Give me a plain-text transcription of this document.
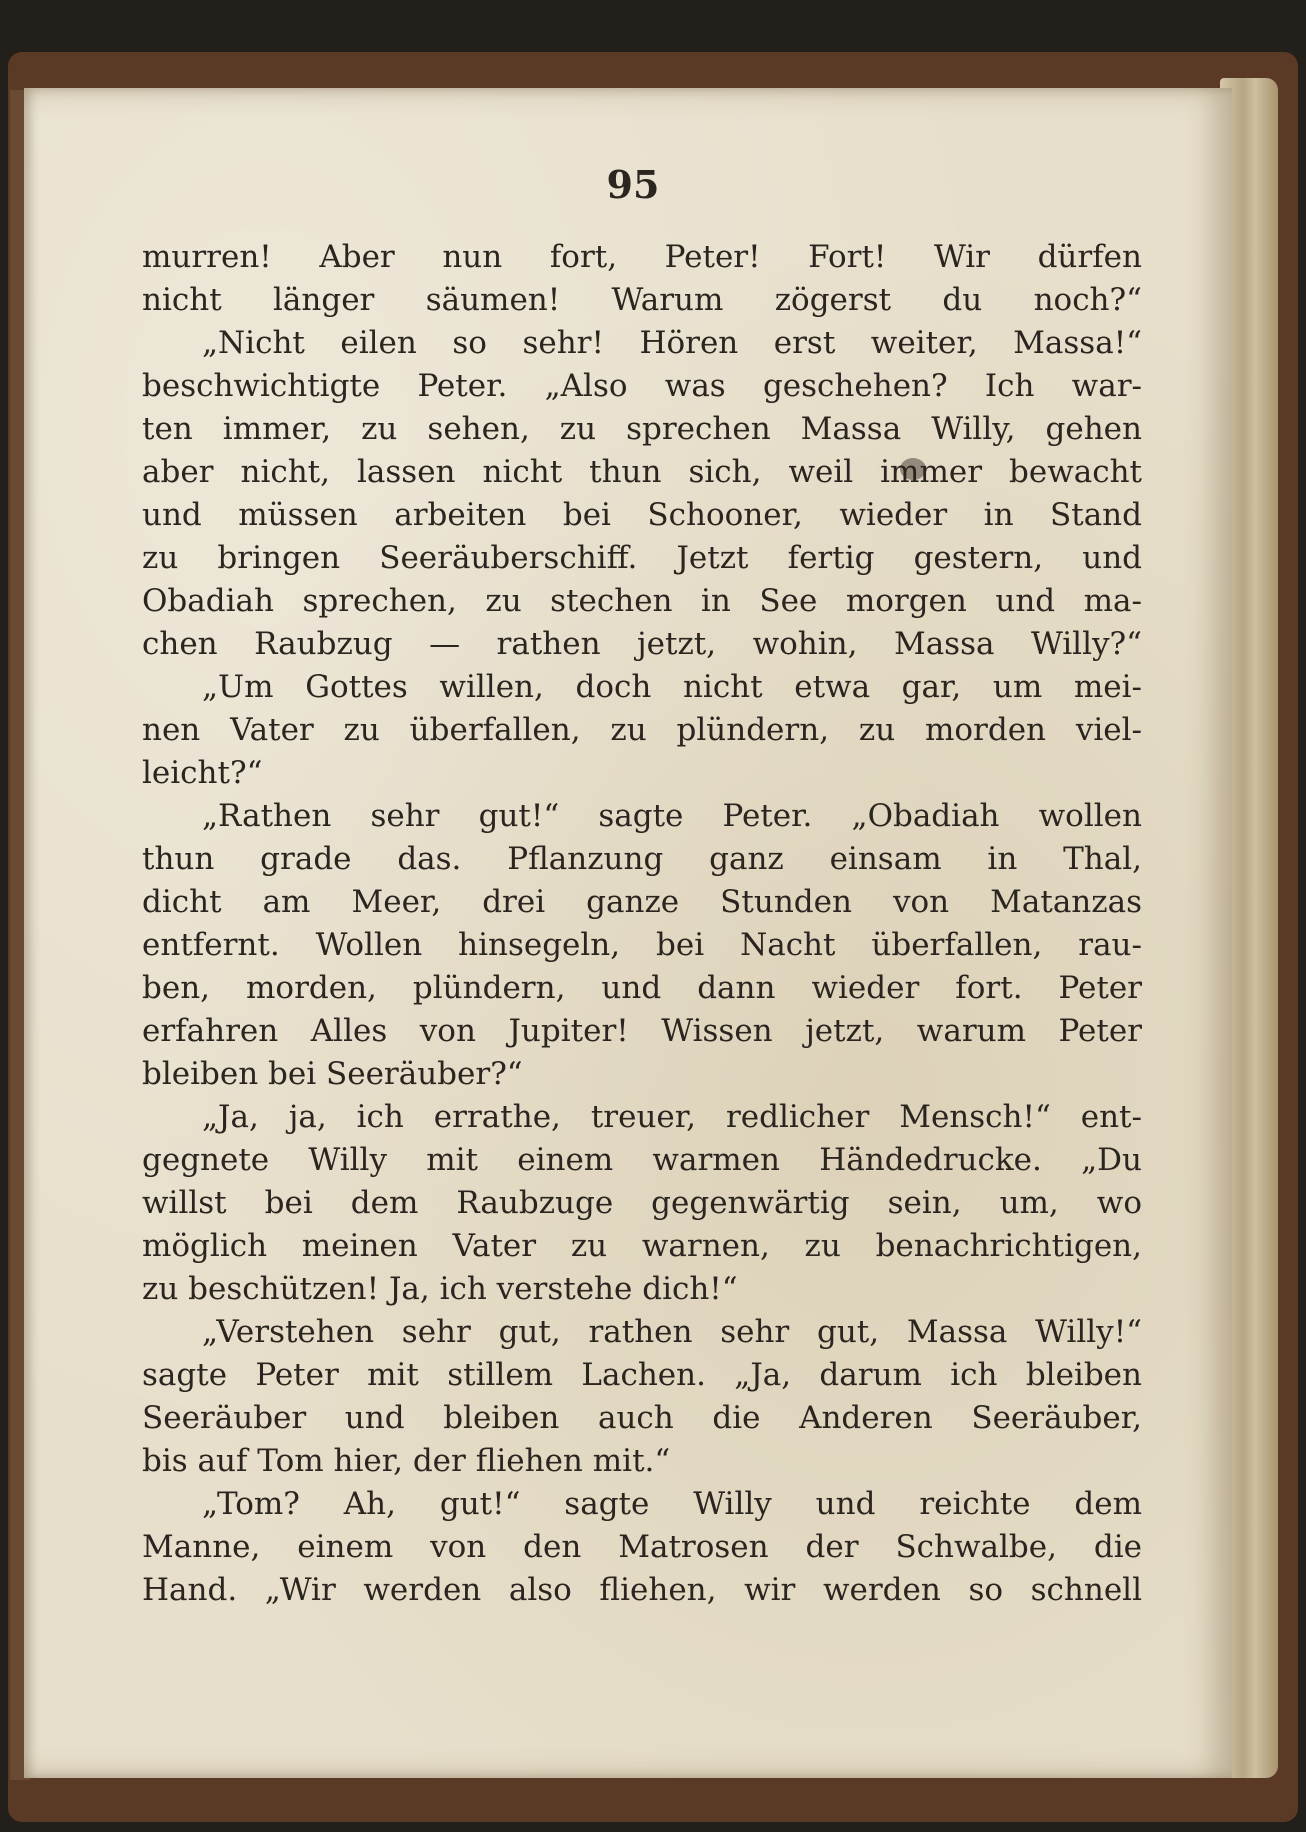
95
murren! Aber nun fort, Peter! Fort! Wir dürfen
nicht länger säumen! Warum zögerst du noch?“
„Nicht eilen so sehr! Hören erst weiter, Massa!“
beschwichtigte Peter. „Also was geschehen? Ich war-
ten immer, zu sehen, zu sprechen Massa Willy, gehen
aber nicht, lassen nicht thun sich, weil immer bewacht
und müssen arbeiten bei Schooner, wieder in Stand
zu bringen Seeräuberschiff. Jetzt fertig gestern, und
Obadiah sprechen, zu stechen in See morgen und ma-
chen Raubzug — rathen jetzt, wohin, Massa Willy?“
„Um Gottes willen, doch nicht etwa gar, um mei-
nen Vater zu überfallen, zu plündern, zu morden viel-
leicht?“
„Rathen sehr gut!“ sagte Peter. „Obadiah wollen
thun grade das. Pflanzung ganz einsam in Thal,
dicht am Meer, drei ganze Stunden von Matanzas
entfernt. Wollen hinsegeln, bei Nacht überfallen, rau-
ben, morden, plündern, und dann wieder fort. Peter
erfahren Alles von Jupiter! Wissen jetzt, warum Peter
bleiben bei Seeräuber?“
„Ja, ja, ich errathe, treuer, redlicher Mensch!“ ent-
gegnete Willy mit einem warmen Händedrucke. „Du
willst bei dem Raubzuge gegenwärtig sein, um, wo
möglich meinen Vater zu warnen, zu benachrichtigen,
zu beschützen! Ja, ich verstehe dich!“
„Verstehen sehr gut, rathen sehr gut, Massa Willy!“
sagte Peter mit stillem Lachen. „Ja, darum ich bleiben
Seeräuber und bleiben auch die Anderen Seeräuber,
bis auf Tom hier, der fliehen mit.“
„Tom? Ah, gut!“ sagte Willy und reichte dem
Manne, einem von den Matrosen der Schwalbe, die
Hand. „Wir werden also fliehen, wir werden so schnell
